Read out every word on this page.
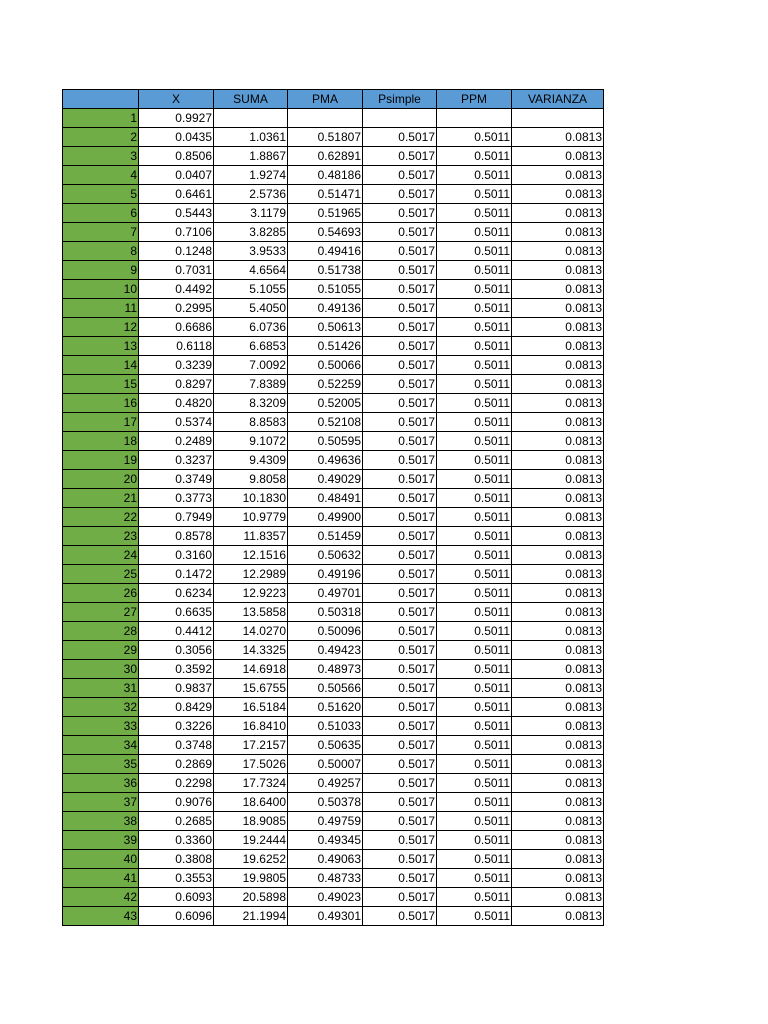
	X	SUMA	PMA	Psimple	PPM	VARIANZA
1	0.9927					
2	0.0435	1.0361	0.51807	0.5017	0.5011	0.0813
3	0.8506	1.8867	0.62891	0.5017	0.5011	0.0813
4	0.0407	1.9274	0.48186	0.5017	0.5011	0.0813
5	0.6461	2.5736	0.51471	0.5017	0.5011	0.0813
6	0.5443	3.1179	0.51965	0.5017	0.5011	0.0813
7	0.7106	3.8285	0.54693	0.5017	0.5011	0.0813
8	0.1248	3.9533	0.49416	0.5017	0.5011	0.0813
9	0.7031	4.6564	0.51738	0.5017	0.5011	0.0813
10	0.4492	5.1055	0.51055	0.5017	0.5011	0.0813
11	0.2995	5.4050	0.49136	0.5017	0.5011	0.0813
12	0.6686	6.0736	0.50613	0.5017	0.5011	0.0813
13	0.6118	6.6853	0.51426	0.5017	0.5011	0.0813
14	0.3239	7.0092	0.50066	0.5017	0.5011	0.0813
15	0.8297	7.8389	0.52259	0.5017	0.5011	0.0813
16	0.4820	8.3209	0.52005	0.5017	0.5011	0.0813
17	0.5374	8.8583	0.52108	0.5017	0.5011	0.0813
18	0.2489	9.1072	0.50595	0.5017	0.5011	0.0813
19	0.3237	9.4309	0.49636	0.5017	0.5011	0.0813
20	0.3749	9.8058	0.49029	0.5017	0.5011	0.0813
21	0.3773	10.1830	0.48491	0.5017	0.5011	0.0813
22	0.7949	10.9779	0.49900	0.5017	0.5011	0.0813
23	0.8578	11.8357	0.51459	0.5017	0.5011	0.0813
24	0.3160	12.1516	0.50632	0.5017	0.5011	0.0813
25	0.1472	12.2989	0.49196	0.5017	0.5011	0.0813
26	0.6234	12.9223	0.49701	0.5017	0.5011	0.0813
27	0.6635	13.5858	0.50318	0.5017	0.5011	0.0813
28	0.4412	14.0270	0.50096	0.5017	0.5011	0.0813
29	0.3056	14.3325	0.49423	0.5017	0.5011	0.0813
30	0.3592	14.6918	0.48973	0.5017	0.5011	0.0813
31	0.9837	15.6755	0.50566	0.5017	0.5011	0.0813
32	0.8429	16.5184	0.51620	0.5017	0.5011	0.0813
33	0.3226	16.8410	0.51033	0.5017	0.5011	0.0813
34	0.3748	17.2157	0.50635	0.5017	0.5011	0.0813
35	0.2869	17.5026	0.50007	0.5017	0.5011	0.0813
36	0.2298	17.7324	0.49257	0.5017	0.5011	0.0813
37	0.9076	18.6400	0.50378	0.5017	0.5011	0.0813
38	0.2685	18.9085	0.49759	0.5017	0.5011	0.0813
39	0.3360	19.2444	0.49345	0.5017	0.5011	0.0813
40	0.3808	19.6252	0.49063	0.5017	0.5011	0.0813
41	0.3553	19.9805	0.48733	0.5017	0.5011	0.0813
42	0.6093	20.5898	0.49023	0.5017	0.5011	0.0813
43	0.6096	21.1994	0.49301	0.5017	0.5011	0.0813
